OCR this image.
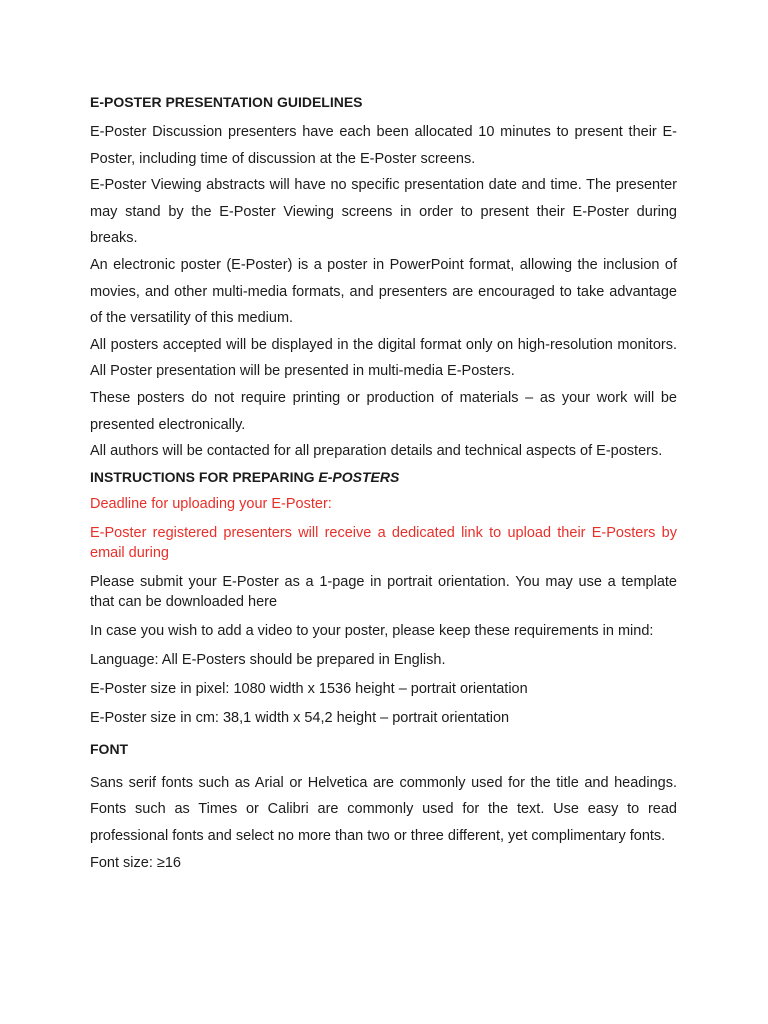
E-POSTER PRESENTATION GUIDELINES

E-Poster Discussion presenters have each been allocated 10 minutes to present their E-Poster, including time of discussion at the E-Poster screens.

E-Poster Viewing abstracts will have no specific presentation date and time. The presenter may stand by the E-Poster Viewing screens in order to present their E-Poster during breaks.

An electronic poster (E-Poster) is a poster in PowerPoint format, allowing the inclusion of movies, and other multi-media formats, and presenters are encouraged to take advantage of the versatility of this medium.

All posters accepted will be displayed in the digital format only on high-resolution monitors. All Poster presentation will be presented in multi-media E-Posters.

These posters do not require printing or production of materials – as your work will be presented electronically.

All authors will be contacted for all preparation details and technical aspects of E-posters.

INSTRUCTIONS FOR PREPARING E-POSTERS

Deadline for uploading your E-Poster:

E-Poster registered presenters will receive a dedicated link to upload their E-Posters by email during

Please submit your E-Poster as a 1-page in portrait orientation. You may use a template that can be downloaded here

In case you wish to add a video to your poster, please keep these requirements in mind:

Language: All E-Posters should be prepared in English.

E-Poster size in pixel: 1080 width x 1536 height – portrait orientation

E-Poster size in cm: 38,1 width x 54,2 height – portrait orientation

FONT

Sans serif fonts such as Arial or Helvetica are commonly used for the title and headings. Fonts such as Times or Calibri are commonly used for the text. Use easy to read professional fonts and select no more than two or three different, yet complimentary fonts.

Font size: ≥16
